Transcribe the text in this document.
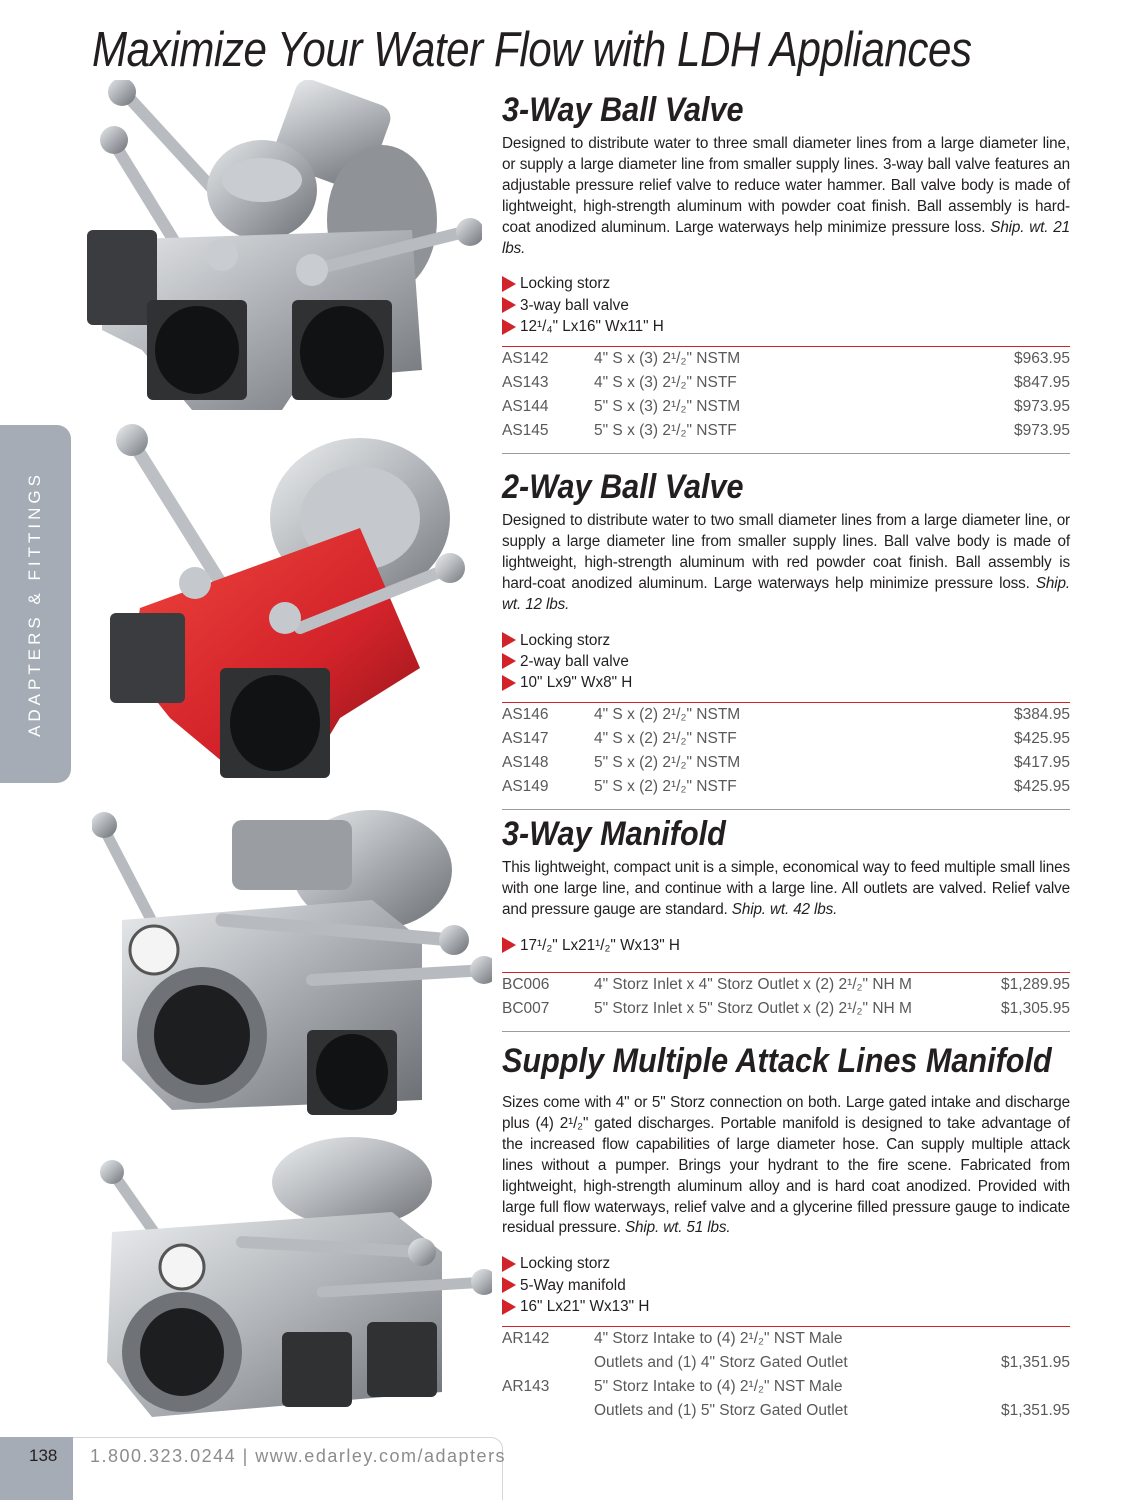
Maximize Your Water Flow with LDH Appliances
ADAPTERS & FITTINGS
3-Way Ball Valve

Designed to distribute water to three small diameter lines from a large diameter line, or supply a large diameter line from smaller supply lines. 3-way ball valve features an adjustable pressure relief valve to reduce water hammer. Ball valve body is made of lightweight, high-strength aluminum with powder coat finish. Ball assembly is hard-coat anodized aluminum. Large waterways help minimize pressure loss. Ship. wt. 21 lbs.

Locking storz
3-way ball valve
12¹/₄" Lx16" Wx11" H
AS142	4" S x (3) 2¹/₂" NSTM	$963.95
AS143	4" S x (3) 2¹/₂" NSTF	$847.95
AS144	5" S x (3) 2¹/₂" NSTM	$973.95
AS145	5" S x (3) 2¹/₂" NSTF	$973.95
2-Way Ball Valve

Designed to distribute water to two small diameter lines from a large diameter line, or supply a large diameter line from smaller supply lines. Ball valve body is made of lightweight, high-strength aluminum with red powder coat finish. Ball assembly is hard-coat anodized aluminum. Large waterways help minimize pressure loss. Ship. wt. 12 lbs.

Locking storz
2-way ball valve
10" Lx9" Wx8" H
AS146	4" S x (2) 2¹/₂" NSTM	$384.95
AS147	4" S x (2) 2¹/₂" NSTF	$425.95
AS148	5" S x (2) 2¹/₂" NSTM	$417.95
AS149	5" S x (2) 2¹/₂" NSTF	$425.95
3-Way Manifold

This lightweight, compact unit is a simple, economical way to feed multiple small lines with one large line, and continue with a large line. All outlets are valved. Relief valve and pressure gauge are standard. Ship. wt. 42 lbs.

17¹/₂" Lx21¹/₂" Wx13" H
BC006	4" Storz Inlet x 4" Storz Outlet x (2) 2¹/₂" NH M	$1,289.95
BC007	5" Storz Inlet x 5" Storz Outlet x (2) 2¹/₂" NH M	$1,305.95
Supply Multiple Attack Lines Manifold

Sizes come with 4" or 5" Storz connection on both. Large gated intake and discharge plus (4) 2¹/₂" gated discharges. Portable manifold is designed to take advantage of the increased flow capabilities of large diameter hose. Can supply multiple attack lines without a pumper. Brings your hydrant to the fire scene. Fabricated from lightweight, high-strength aluminum alloy and is hard coat anodized. Provided with large full flow waterways, relief valve and a glycerine filled pressure gauge to indicate residual pressure. Ship. wt. 51 lbs.

Locking storz
5-Way manifold
16" Lx21" Wx13" H
AR142	4" Storz Intake to (4) 2¹/₂" NST Male
Outlets and (1) 4" Storz Gated Outlet	$1,351.95
AR143	5" Storz Intake to (4) 2¹/₂" NST Male
Outlets and (1) 5" Storz Gated Outlet	$1,351.95
138 1.800.323.0244 | www.edarley.com/adapters
